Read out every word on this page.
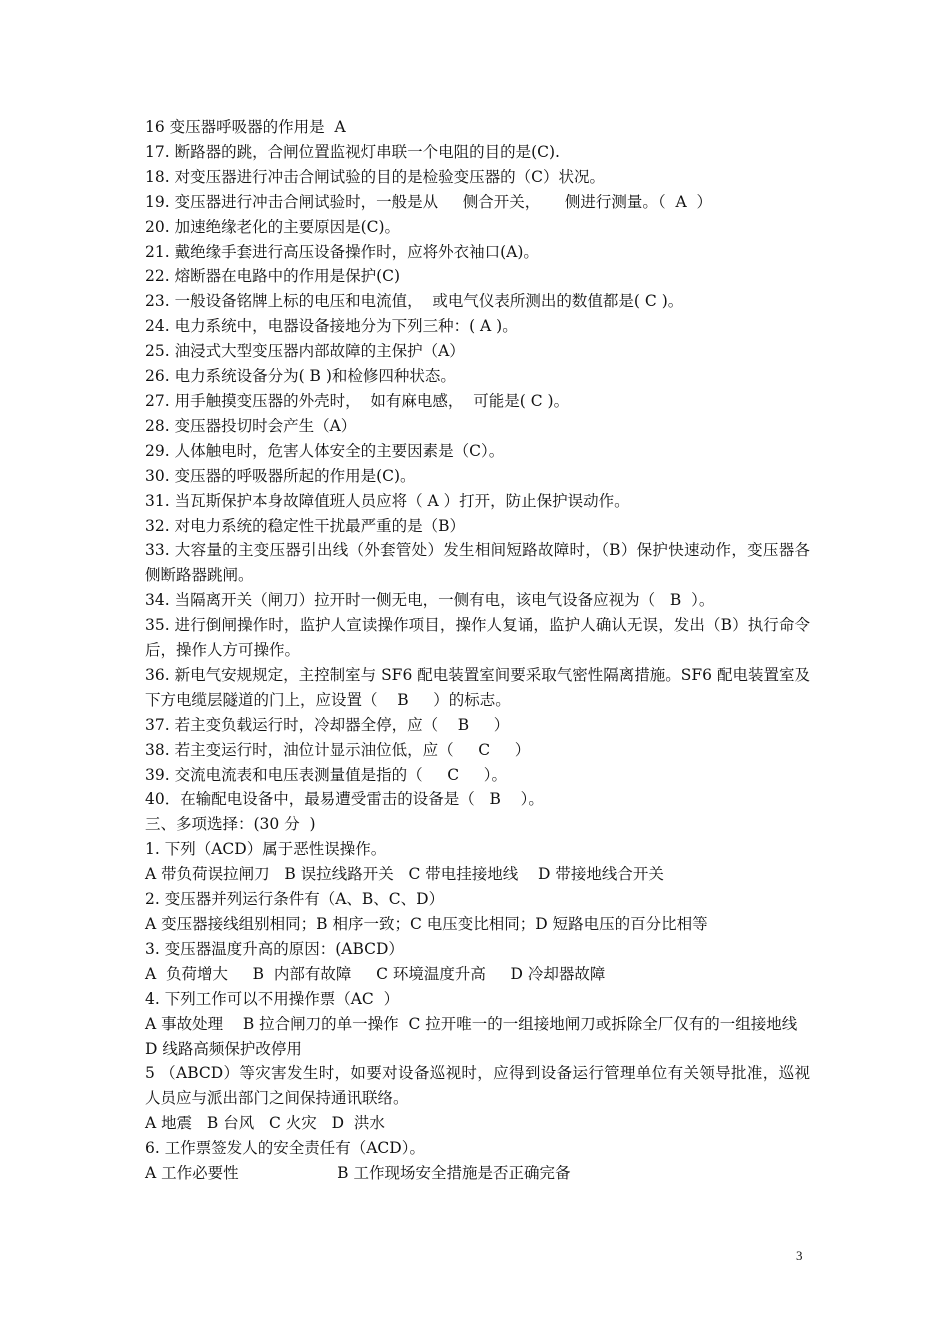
16 变压器呼吸器的作用是  A

17. 断路器的跳，合闸位置监视灯串联一个电阻的目的是(C).

18. 对变压器进行冲击合闸试验的目的是检验变压器的（C）状况。

19. 变压器进行冲击合闸试验时，一般是从     侧合开关，     侧进行测量。（  A  ）

20. 加速绝缘老化的主要原因是(C)。

21. 戴绝缘手套进行高压设备操作时，应将外衣袖口(A)。

22. 熔断器在电路中的作用是保护(C)

23. 一般设备铭牌上标的电压和电流值，  或电气仪表所测出的数值都是( C )。

24. 电力系统中，电器设备接地分为下列三种：( A )。

25. 油浸式大型变压器内部故障的主保护（A）

26. 电力系统设备分为( B )和检修四种状态。

27. 用手触摸变压器的外壳时，  如有麻电感，  可能是( C )。

28. 变压器投切时会产生（A）

29. 人体触电时，危害人体安全的主要因素是（C）。

30. 变压器的呼吸器所起的作用是(C)。

31. 当瓦斯保护本身故障值班人员应将（ A ）打开，防止保护误动作。

32. 对电力系统的稳定性干扰最严重的是（B）

33. 大容量的主变压器引出线（外套管处）发生相间短路故障时，（B）保护快速动作，变压器各侧断路器跳闸。

34. 当隔离开关（闸刀）拉开时一侧无电，一侧有电，该电气设备应视为（   B  ）。

35. 进行倒闸操作时，监护人宣读操作项目，操作人复诵，监护人确认无误，发出（B）执行命令后，操作人方可操作。

36. 新电气安规规定，主控制室与 SF6 配电装置室间要采取气密性隔离措施。SF6 配电装置室及下方电缆层隧道的门上，应设置（    B     ）的标志。

37. 若主变负载运行时，冷却器全停，应（    B     ）

38. 若主变运行时，油位计显示油位低，应（     C     ）

39. 交流电流表和电压表测量值是指的（     C     ）。

40．在输配电设备中，最易遭受雷击的设备是（   B    ）。

三、多项选择：(30 分  )

1. 下列（ACD）属于恶性误操作。

A 带负荷误拉闸刀   B 误拉线路开关   C 带电挂接地线    D 带接地线合开关

2. 变压器并列运行条件有（A、B、C、D）

A 变压器接线组别相同；B 相序一致；C 电压变比相同；D 短路电压的百分比相等

3. 变压器温度升高的原因：(ABCD）

A  负荷增大     B  内部有故障     C 环境温度升高     D 冷却器故障

4. 下列工作可以不用操作票（AC  ）

A 事故处理    B 拉合闸刀的单一操作  C 拉开唯一的一组接地闸刀或拆除全厂仅有的一组接地线

D 线路高频保护改停用

5 （ABCD）等灾害发生时，如要对设备巡视时，应得到设备运行管理单位有关领导批准，巡视人员应与派出部门之间保持通讯联络。

A 地震   B 台风   C 火灾   D  洪水

6. 工作票签发人的安全责任有（ACD）。

A 工作必要性                    B 工作现场安全措施是否正确完备

3
